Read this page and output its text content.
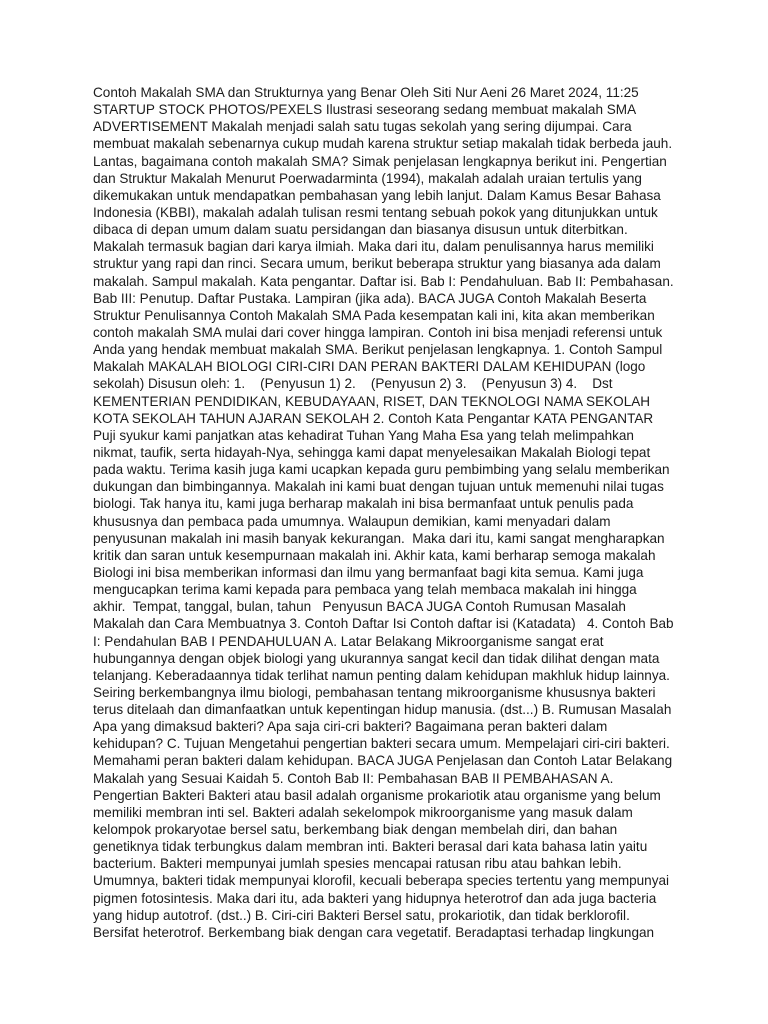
Contoh Makalah SMA dan Strukturnya yang Benar Oleh Siti Nur Aeni 26 Maret 2024, 11:25
STARTUP STOCK PHOTOS/PEXELS Ilustrasi seseorang sedang membuat makalah SMA
ADVERTISEMENT Makalah menjadi salah satu tugas sekolah yang sering dijumpai. Cara
membuat makalah sebenarnya cukup mudah karena struktur setiap makalah tidak berbeda jauh.
Lantas, bagaimana contoh makalah SMA? Simak penjelasan lengkapnya berikut ini. Pengertian
dan Struktur Makalah Menurut Poerwadarminta (1994), makalah adalah uraian tertulis yang
dikemukakan untuk mendapatkan pembahasan yang lebih lanjut. Dalam Kamus Besar Bahasa
Indonesia (KBBI), makalah adalah tulisan resmi tentang sebuah pokok yang ditunjukkan untuk
dibaca di depan umum dalam suatu persidangan dan biasanya disusun untuk diterbitkan.
Makalah termasuk bagian dari karya ilmiah. Maka dari itu, dalam penulisannya harus memiliki
struktur yang rapi dan rinci. Secara umum, berikut beberapa struktur yang biasanya ada dalam
makalah. Sampul makalah. Kata pengantar. Daftar isi. Bab I: Pendahuluan. Bab II: Pembahasan.
Bab III: Penutup. Daftar Pustaka. Lampiran (jika ada). BACA JUGA Contoh Makalah Beserta
Struktur Penulisannya Contoh Makalah SMA Pada kesempatan kali ini, kita akan memberikan
contoh makalah SMA mulai dari cover hingga lampiran. Contoh ini bisa menjadi referensi untuk
Anda yang hendak membuat makalah SMA. Berikut penjelasan lengkapnya. 1. Contoh Sampul
Makalah MAKALAH BIOLOGI CIRI-CIRI DAN PERAN BAKTERI DALAM KEHIDUPAN (logo
sekolah) Disusun oleh: 1.    (Penyusun 1) 2.    (Penyusun 2) 3.    (Penyusun 3) 4.    Dst
KEMENTERIAN PENDIDIKAN, KEBUDAYAAN, RISET, DAN TEKNOLOGI NAMA SEKOLAH
KOTA SEKOLAH TAHUN AJARAN SEKOLAH 2. Contoh Kata Pengantar KATA PENGANTAR
Puji syukur kami panjatkan atas kehadirat Tuhan Yang Maha Esa yang telah melimpahkan
nikmat, taufik, serta hidayah-Nya, sehingga kami dapat menyelesaikan Makalah Biologi tepat
pada waktu. Terima kasih juga kami ucapkan kepada guru pembimbing yang selalu memberikan
dukungan dan bimbingannya. Makalah ini kami buat dengan tujuan untuk memenuhi nilai tugas
biologi. Tak hanya itu, kami juga berharap makalah ini bisa bermanfaat untuk penulis pada
khususnya dan pembaca pada umumnya. Walaupun demikian, kami menyadari dalam
penyusunan makalah ini masih banyak kekurangan.  Maka dari itu, kami sangat mengharapkan
kritik dan saran untuk kesempurnaan makalah ini. Akhir kata, kami berharap semoga makalah
Biologi ini bisa memberikan informasi dan ilmu yang bermanfaat bagi kita semua. Kami juga
mengucapkan terima kami kepada para pembaca yang telah membaca makalah ini hingga
akhir.  Tempat, tanggal, bulan, tahun   Penyusun BACA JUGA Contoh Rumusan Masalah
Makalah dan Cara Membuatnya 3. Contoh Daftar Isi Contoh daftar isi (Katadata)   4. Contoh Bab
I: Pendahulan BAB I PENDAHULUAN A. Latar Belakang Mikroorganisme sangat erat
hubungannya dengan objek biologi yang ukurannya sangat kecil dan tidak dilihat dengan mata
telanjang. Keberadaannya tidak terlihat namun penting dalam kehidupan makhluk hidup lainnya.
Seiring berkembangnya ilmu biologi, pembahasan tentang mikroorganisme khususnya bakteri
terus ditelaah dan dimanfaatkan untuk kepentingan hidup manusia. (dst...) B. Rumusan Masalah
Apa yang dimaksud bakteri? Apa saja ciri-cri bakteri? Bagaimana peran bakteri dalam
kehidupan? C. Tujuan Mengetahui pengertian bakteri secara umum. Mempelajari ciri-ciri bakteri.
Memahami peran bakteri dalam kehidupan. BACA JUGA Penjelasan dan Contoh Latar Belakang
Makalah yang Sesuai Kaidah 5. Contoh Bab II: Pembahasan BAB II PEMBAHASAN A.
Pengertian Bakteri Bakteri atau basil adalah organisme prokariotik atau organisme yang belum
memiliki membran inti sel. Bakteri adalah sekelompok mikroorganisme yang masuk dalam
kelompok prokaryotae bersel satu, berkembang biak dengan membelah diri, dan bahan
genetiknya tidak terbungkus dalam membran inti. Bakteri berasal dari kata bahasa latin yaitu
bacterium. Bakteri mempunyai jumlah spesies mencapai ratusan ribu atau bahkan lebih.
Umumnya, bakteri tidak mempunyai klorofil, kecuali beberapa species tertentu yang mempunyai
pigmen fotosintesis. Maka dari itu, ada bakteri yang hidupnya heterotrof dan ada juga bacteria
yang hidup autotrof. (dst..) B. Ciri-ciri Bakteri Bersel satu, prokariotik, dan tidak berklorofil.
Bersifat heterotrof. Berkembang biak dengan cara vegetatif. Beradaptasi terhadap lingkungan
